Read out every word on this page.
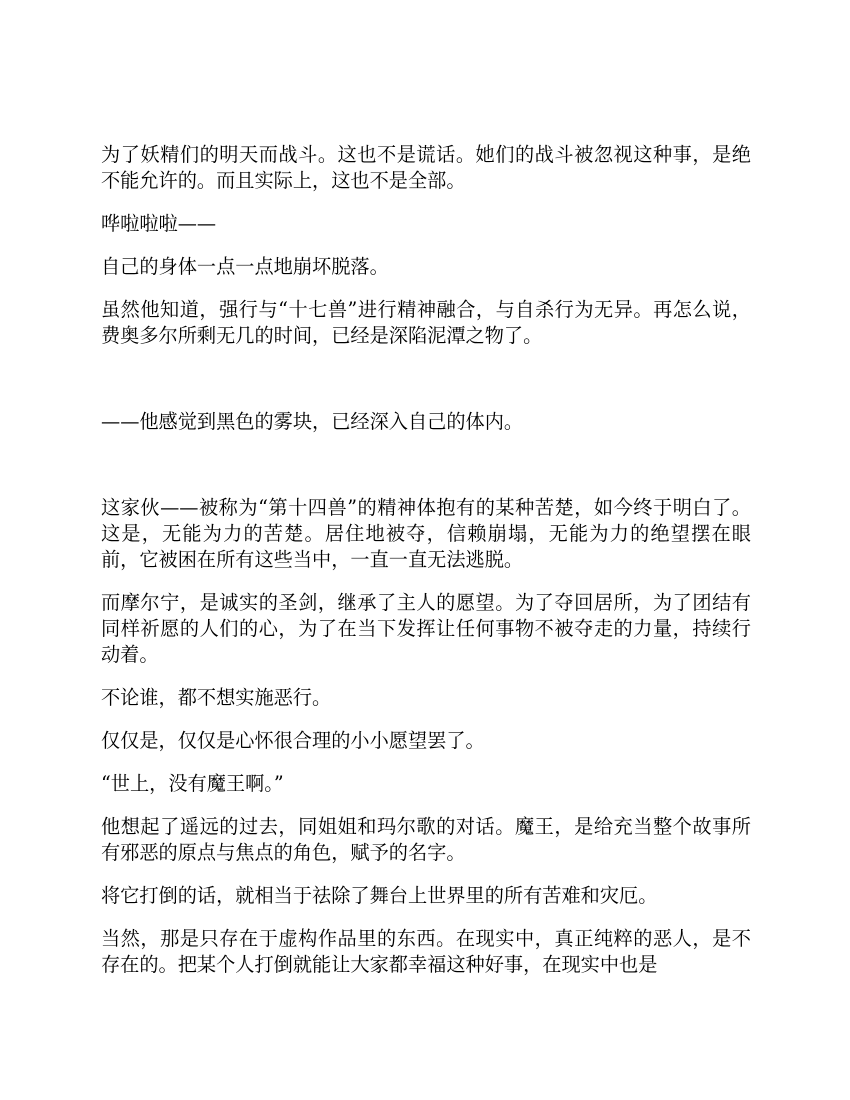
为了妖精们的明天而战斗。这也不是谎话。她们的战斗被忽视这种事，是绝不能允许的。而且实际上，这也不是全部。

哗啦啦啦——

自己的身体一点一点地崩坏脱落。

虽然他知道，强行与“十七兽”进行精神融合，与自杀行为无异。再怎么说，费奥多尔所剩无几的时间，已经是深陷泥潭之物了。

——他感觉到黑色的雾块，已经深入自己的体内。

这家伙——被称为“第十四兽”的精神体抱有的某种苦楚，如今终于明白了。这是，无能为力的苦楚。居住地被夺，信赖崩塌，无能为力的绝望摆在眼前，它被困在所有这些当中，一直一直无法逃脱。

而摩尔宁，是诚实的圣剑，继承了主人的愿望。为了夺回居所，为了团结有同样祈愿的人们的心，为了在当下发挥让任何事物不被夺走的力量，持续行动着。

不论谁，都不想实施恶行。

仅仅是，仅仅是心怀很合理的小小愿望罢了。

“世上，没有魔王啊。”

他想起了遥远的过去，同姐姐和玛尔歌的对话。魔王，是给充当整个故事所有邪恶的原点与焦点的角色，赋予的名字。

将它打倒的话，就相当于祛除了舞台上世界里的所有苦难和灾厄。

当然，那是只存在于虚构作品里的东西。在现实中，真正纯粹的恶人，是不存在的。把某个人打倒就能让大家都幸福这种好事，在现实中也是
